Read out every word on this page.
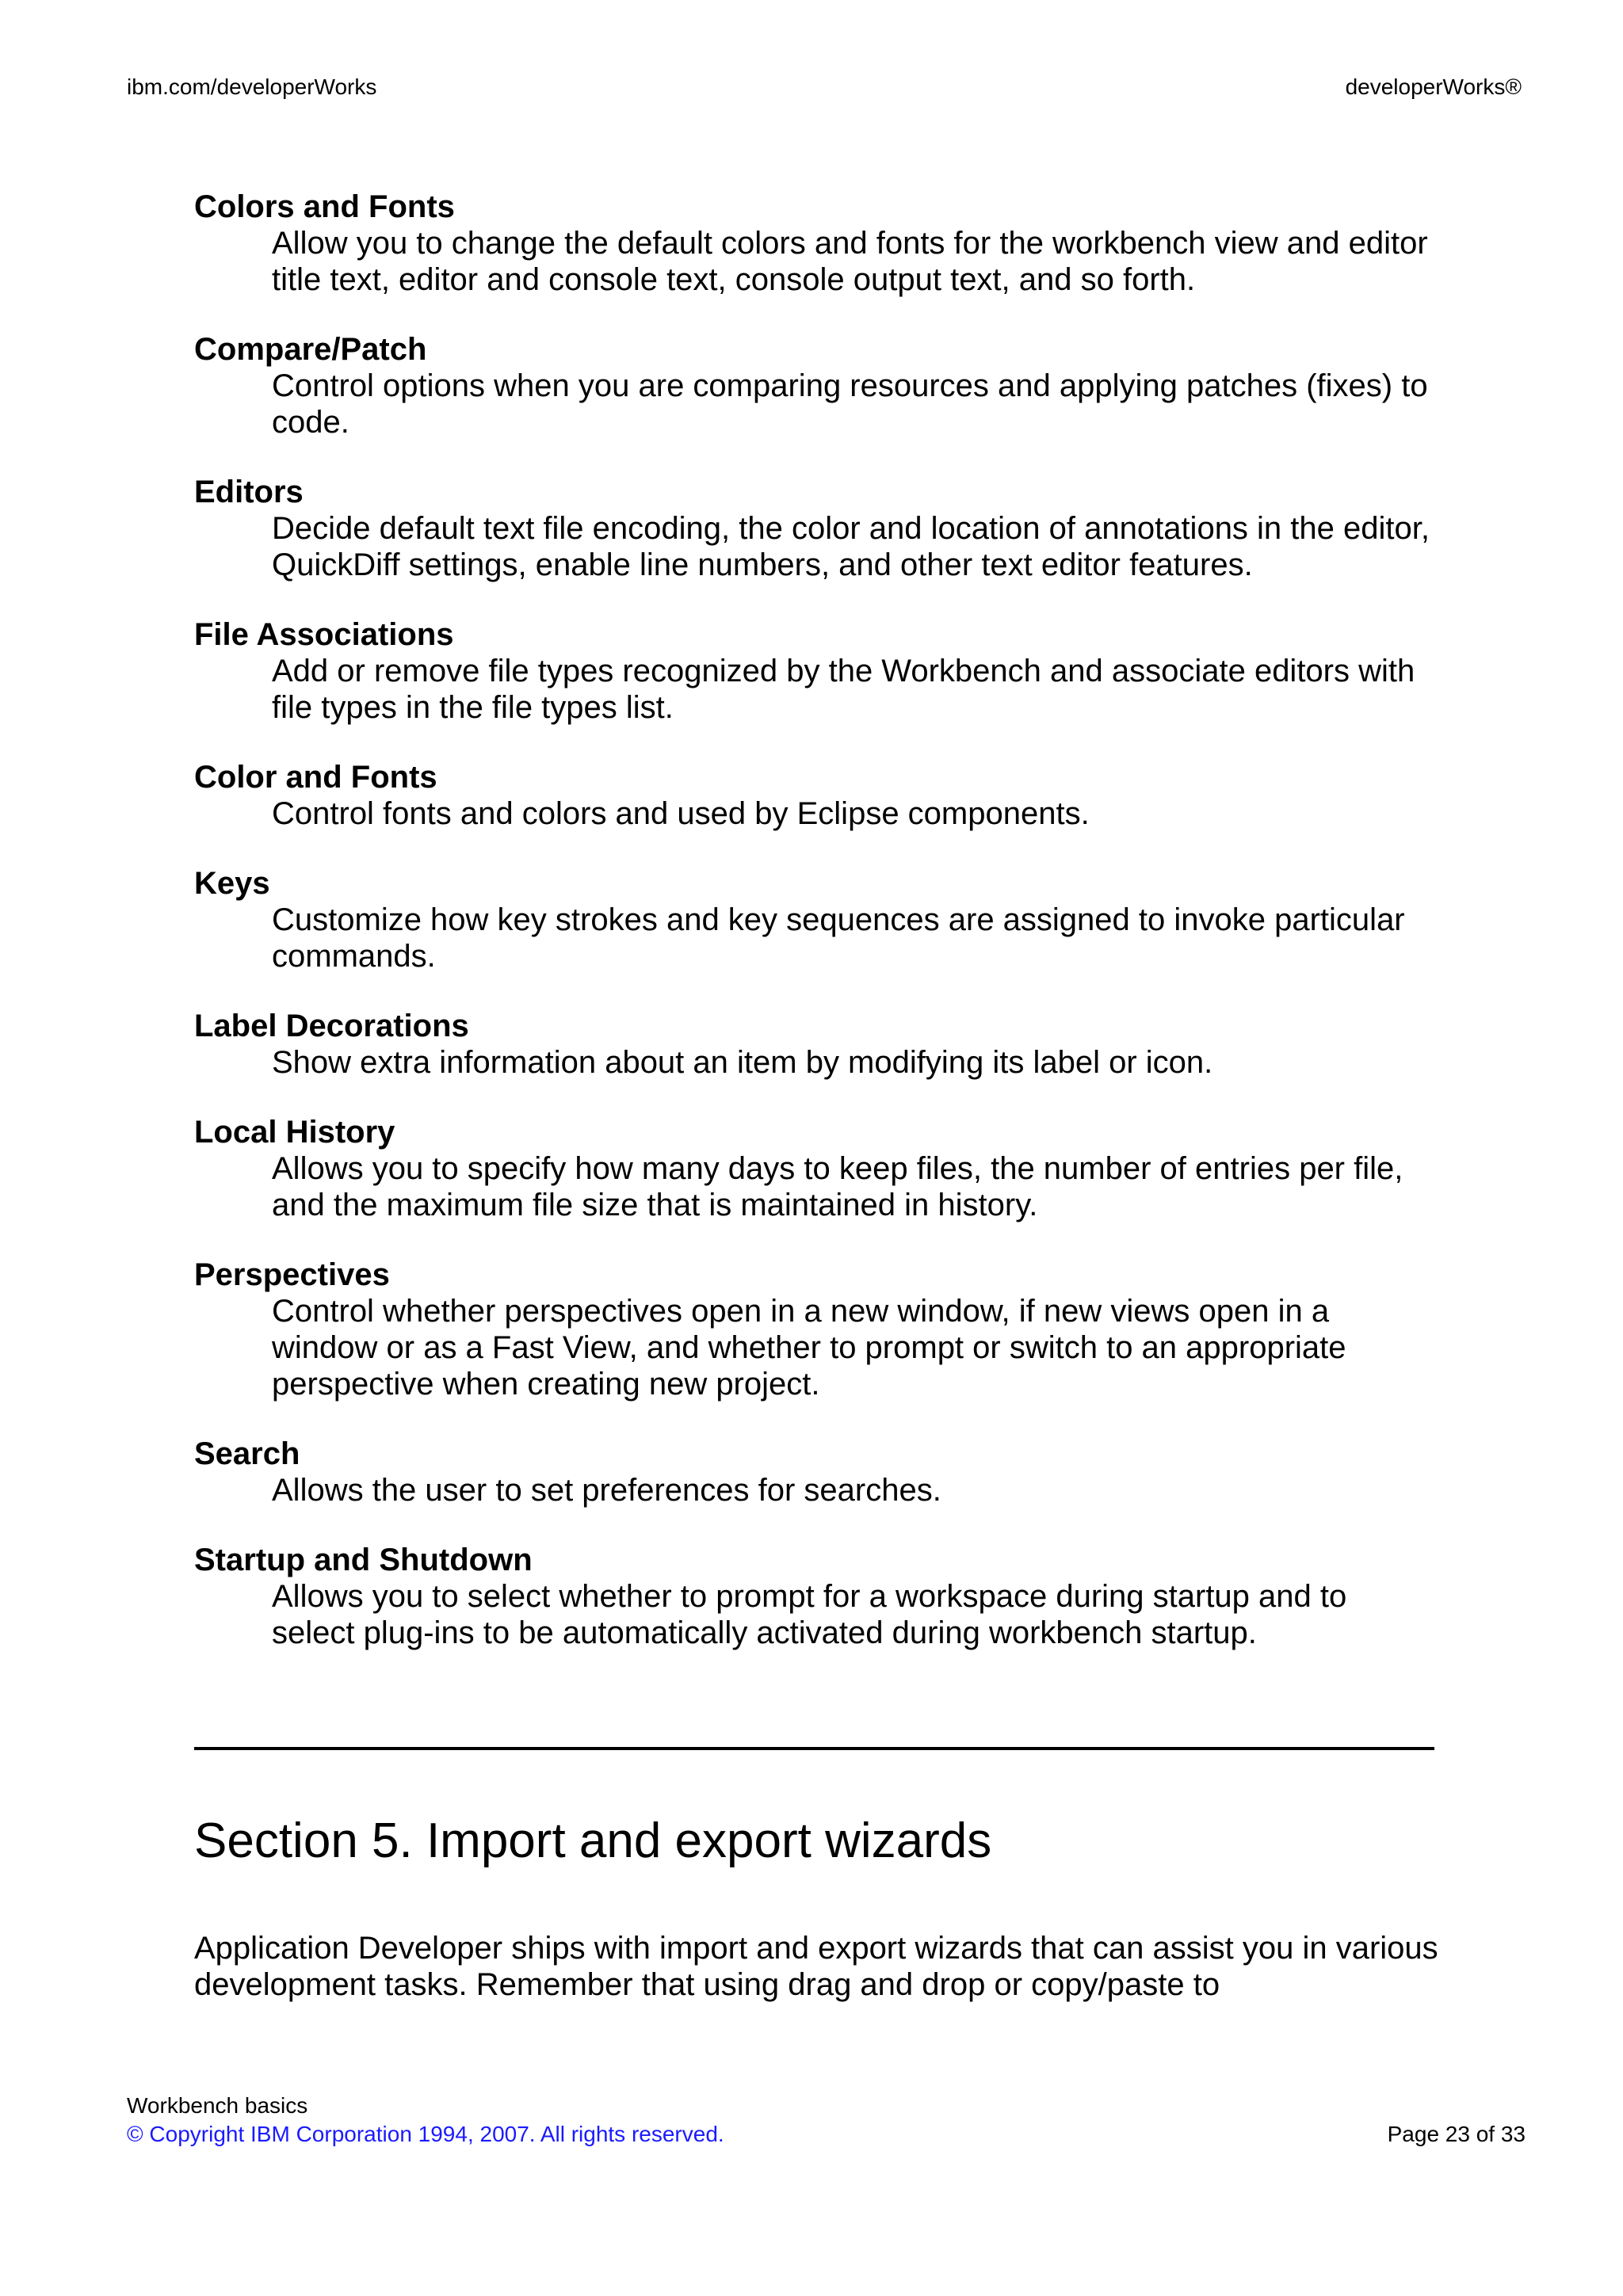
ibm.com/developerWorks	developerWorks®
Colors and Fonts
Allow you to change the default colors and fonts for the workbench view and editor title text, editor and console text, console output text, and so forth.
Compare/Patch
Control options when you are comparing resources and applying patches (fixes) to code.
Editors
Decide default text file encoding, the color and location of annotations in the editor, QuickDiff settings, enable line numbers, and other text editor features.
File Associations
Add or remove file types recognized by the Workbench and associate editors with file types in the file types list.
Color and Fonts
Control fonts and colors and used by Eclipse components.
Keys
Customize how key strokes and key sequences are assigned to invoke particular commands.
Label Decorations
Show extra information about an item by modifying its label or icon.
Local History
Allows you to specify how many days to keep files, the number of entries per file, and the maximum file size that is maintained in history.
Perspectives
Control whether perspectives open in a new window, if new views open in a window or as a Fast View, and whether to prompt or switch to an appropriate perspective when creating new project.
Search
Allows the user to set preferences for searches.
Startup and Shutdown
Allows you to select whether to prompt for a workspace during startup and to select plug-ins to be automatically activated during workbench startup.
Section 5. Import and export wizards

Application Developer ships with import and export wizards that can assist you in various development tasks. Remember that using drag and drop or copy/paste to

Workbench basics
© Copyright IBM Corporation 1994, 2007. All rights reserved.	Page 23 of 33
